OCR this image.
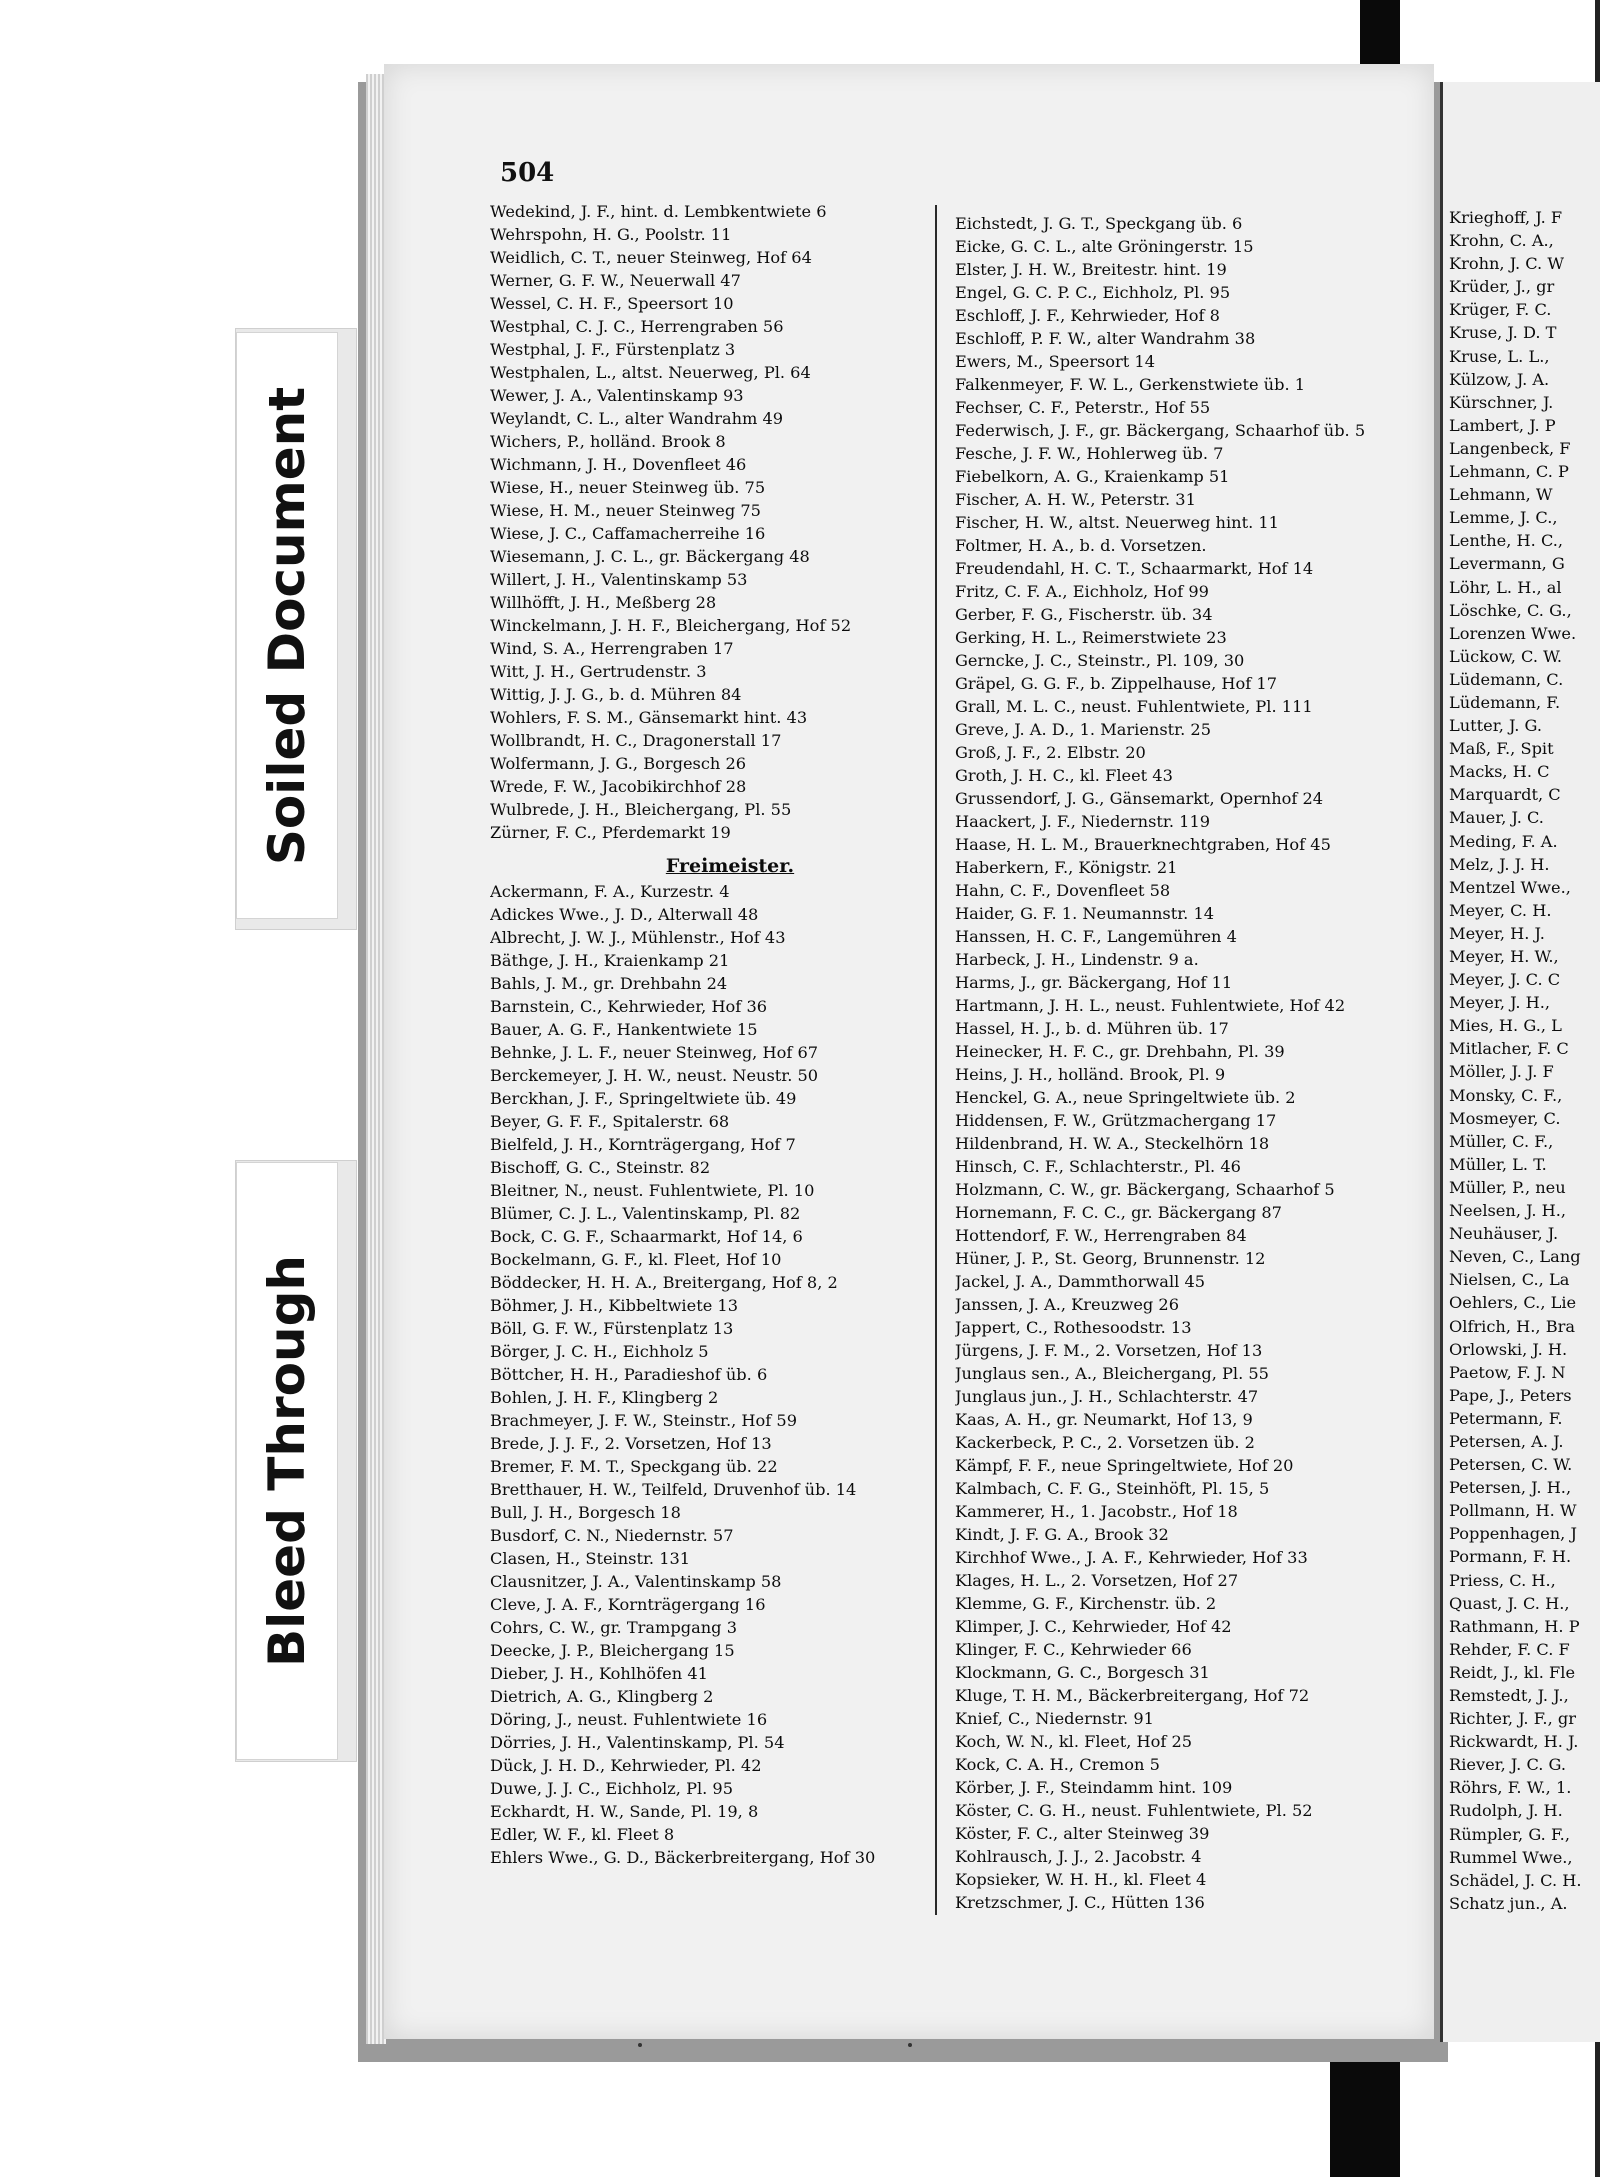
Krieghoff, J. F
Krohn, C. A.,
Krohn, J. C. W
Krüder, J., gr
Krüger, F. C.
Kruse, J. D. T
Kruse, L. L.,
Külzow, J. A.
Kürschner, J.
Lambert, J. P
Langenbeck, F
Lehmann, C. P
Lehmann, W
Lemme, J. C.,
Lenthe, H. C.,
Levermann, G
Löhr, L. H., al
Löschke, C. G.,
Lorenzen Wwe.
Lückow, C. W.
Lüdemann, C.
Lüdemann, F.
Lutter, J. G.
Maß, F., Spit
Macks, H. C
Marquardt, C
Mauer, J. C.
Meding, F. A.
Melz, J. J. H.
Mentzel Wwe.,
Meyer, C. H.
Meyer, H. J.
Meyer, H. W.,
Meyer, J. C. C
Meyer, J. H.,
Mies, H. G., L
Mitlacher, F. C
Möller, J. J. F
Monsky, C. F.,
Mosmeyer, C.
Müller, C. F.,
Müller, L. T.
Müller, P., neu
Neelsen, J. H.,
Neuhäuser, J.
Neven, C., Lang
Nielsen, C., La
Oehlers, C., Lie
Olfrich, H., Bra
Orlowski, J. H.
Paetow, F. J. N
Pape, J., Peters
Petermann, F.
Petersen, A. J.
Petersen, C. W.
Petersen, J. H.,
Pollmann, H. W
Poppenhagen, J
Pormann, F. H.
Priess, C. H.,
Quast, J. C. H.,
Rathmann, H. P
Rehder, F. C. F
Reidt, J., kl. Fle
Remstedt, J. J.,
Richter, J. F., gr
Rickwardt, H. J.
Riever, J. C. G.
Röhrs, F. W., 1.
Rudolph, J. H.
Rümpler, G. F.,
Rummel Wwe.,
Schädel, J. C. H.
Schatz jun., A.
504
Wedekind, J. F., hint. d. Lembkentwiete 6
Wehrspohn, H. G., Poolstr. 11
Weidlich, C. T., neuer Steinweg, Hof 64
Werner, G. F. W., Neuerwall 47
Wessel, C. H. F., Speersort 10
Westphal, C. J. C., Herrengraben 56
Westphal, J. F., Fürstenplatz 3
Westphalen, L., altst. Neuerweg, Pl. 64
Wewer, J. A., Valentinskamp 93
Weylandt, C. L., alter Wandrahm 49
Wichers, P., holländ. Brook 8
Wichmann, J. H., Dovenfleet 46
Wiese, H., neuer Steinweg üb. 75
Wiese, H. M., neuer Steinweg 75
Wiese, J. C., Caffamacherreihe 16
Wiesemann, J. C. L., gr. Bäckergang 48
Willert, J. H., Valentinskamp 53
Willhöfft, J. H., Meßberg 28
Winckelmann, J. H. F., Bleichergang, Hof 52
Wind, S. A., Herrengraben 17
Witt, J. H., Gertrudenstr. 3
Wittig, J. J. G., b. d. Mühren 84
Wohlers, F. S. M., Gänsemarkt hint. 43
Wollbrandt, H. C., Dragonerstall 17
Wolfermann, J. G., Borgesch 26
Wrede, F. W., Jacobikirchhof 28
Wulbrede, J. H., Bleichergang, Pl. 55
Zürner, F. C., Pferdemarkt 19
Freimeister.
Ackermann, F. A., Kurzestr. 4
Adickes Wwe., J. D., Alterwall 48
Albrecht, J. W. J., Mühlenstr., Hof 43
Bäthge, J. H., Kraienkamp 21
Bahls, J. M., gr. Drehbahn 24
Barnstein, C., Kehrwieder, Hof 36
Bauer, A. G. F., Hankentwiete 15
Behnke, J. L. F., neuer Steinweg, Hof 67
Berckemeyer, J. H. W., neust. Neustr. 50
Berckhan, J. F., Springeltwiete üb. 49
Beyer, G. F. F., Spitalerstr. 68
Bielfeld, J. H., Kornträgergang, Hof 7
Bischoff, G. C., Steinstr. 82
Bleitner, N., neust. Fuhlentwiete, Pl. 10
Blümer, C. J. L., Valentinskamp, Pl. 82
Bock, C. G. F., Schaarmarkt, Hof 14, 6
Bockelmann, G. F., kl. Fleet, Hof 10
Böddecker, H. H. A., Breitergang, Hof 8, 2
Böhmer, J. H., Kibbeltwiete 13
Böll, G. F. W., Fürstenplatz 13
Börger, J. C. H., Eichholz 5
Böttcher, H. H., Paradieshof üb. 6
Bohlen, J. H. F., Klingberg 2
Brachmeyer, J. F. W., Steinstr., Hof 59
Brede, J. J. F., 2. Vorsetzen, Hof 13
Bremer, F. M. T., Speckgang üb. 22
Bretthauer, H. W., Teilfeld, Druvenhof üb. 14
Bull, J. H., Borgesch 18
Busdorf, C. N., Niedernstr. 57
Clasen, H., Steinstr. 131
Clausnitzer, J. A., Valentinskamp 58
Cleve, J. A. F., Kornträgergang 16
Cohrs, C. W., gr. Trampgang 3
Deecke, J. P., Bleichergang 15
Dieber, J. H., Kohlhöfen 41
Dietrich, A. G., Klingberg 2
Döring, J., neust. Fuhlentwiete 16
Dörries, J. H., Valentinskamp, Pl. 54
Dück, J. H. D., Kehrwieder, Pl. 42
Duwe, J. J. C., Eichholz, Pl. 95
Eckhardt, H. W., Sande, Pl. 19, 8
Edler, W. F., kl. Fleet 8
Ehlers Wwe., G. D., Bäckerbreitergang, Hof 30
Eichstedt, J. G. T., Speckgang üb. 6
Eicke, G. C. L., alte Gröningerstr. 15
Elster, J. H. W., Breitestr. hint. 19
Engel, G. C. P. C., Eichholz, Pl. 95
Eschloff, J. F., Kehrwieder, Hof 8
Eschloff, P. F. W., alter Wandrahm 38
Ewers, M., Speersort 14
Falkenmeyer, F. W. L., Gerkenstwiete üb. 1
Fechser, C. F., Peterstr., Hof 55
Federwisch, J. F., gr. Bäckergang, Schaarhof üb. 5
Fesche, J. F. W., Hohlerweg üb. 7
Fiebelkorn, A. G., Kraienkamp 51
Fischer, A. H. W., Peterstr. 31
Fischer, H. W., altst. Neuerweg hint. 11
Foltmer, H. A., b. d. Vorsetzen.
Freudendahl, H. C. T., Schaarmarkt, Hof 14
Fritz, C. F. A., Eichholz, Hof 99
Gerber, F. G., Fischerstr. üb. 34
Gerking, H. L., Reimerstwiete 23
Gerncke, J. C., Steinstr., Pl. 109, 30
Gräpel, G. G. F., b. Zippelhause, Hof 17
Grall, M. L. C., neust. Fuhlentwiete, Pl. 111
Greve, J. A. D., 1. Marienstr. 25
Groß, J. F., 2. Elbstr. 20
Groth, J. H. C., kl. Fleet 43
Grussendorf, J. G., Gänsemarkt, Opernhof 24
Haackert, J. F., Niedernstr. 119
Haase, H. L. M., Brauerknechtgraben, Hof 45
Haberkern, F., Königstr. 21
Hahn, C. F., Dovenfleet 58
Haider, G. F. 1. Neumannstr. 14
Hanssen, H. C. F., Langemühren 4
Harbeck, J. H., Lindenstr. 9 a.
Harms, J., gr. Bäckergang, Hof 11
Hartmann, J. H. L., neust. Fuhlentwiete, Hof 42
Hassel, H. J., b. d. Mühren üb. 17
Heinecker, H. F. C., gr. Drehbahn, Pl. 39
Heins, J. H., holländ. Brook, Pl. 9
Henckel, G. A., neue Springeltwiete üb. 2
Hiddensen, F. W., Grützmachergang 17
Hildenbrand, H. W. A., Steckelhörn 18
Hinsch, C. F., Schlachterstr., Pl. 46
Holzmann, C. W., gr. Bäckergang, Schaarhof 5
Hornemann, F. C. C., gr. Bäckergang 87
Hottendorf, F. W., Herrengraben 84
Hüner, J. P., St. Georg, Brunnenstr. 12
Jackel, J. A., Dammthorwall 45
Janssen, J. A., Kreuzweg 26
Jappert, C., Rothesoodstr. 13
Jürgens, J. F. M., 2. Vorsetzen, Hof 13
Junglaus sen., A., Bleichergang, Pl. 55
Junglaus jun., J. H., Schlachterstr. 47
Kaas, A. H., gr. Neumarkt, Hof 13, 9
Kackerbeck, P. C., 2. Vorsetzen üb. 2
Kämpf, F. F., neue Springeltwiete, Hof 20
Kalmbach, C. F. G., Steinhöft, Pl. 15, 5
Kammerer, H., 1. Jacobstr., Hof 18
Kindt, J. F. G. A., Brook 32
Kirchhof Wwe., J. A. F., Kehrwieder, Hof 33
Klages, H. L., 2. Vorsetzen, Hof 27
Klemme, G. F., Kirchenstr. üb. 2
Klimper, J. C., Kehrwieder, Hof 42
Klinger, F. C., Kehrwieder 66
Klockmann, G. C., Borgesch 31
Kluge, T. H. M., Bäckerbreitergang, Hof 72
Knief, C., Niedernstr. 91
Koch, W. N., kl. Fleet, Hof 25
Kock, C. A. H., Cremon 5
Körber, J. F., Steindamm hint. 109
Köster, C. G. H., neust. Fuhlentwiete, Pl. 52
Köster, F. C., alter Steinweg 39
Kohlrausch, J. J., 2. Jacobstr. 4
Kopsieker, W. H. H., kl. Fleet 4
Kretzschmer, J. C., Hütten 136
Soiled Document
Bleed Through
